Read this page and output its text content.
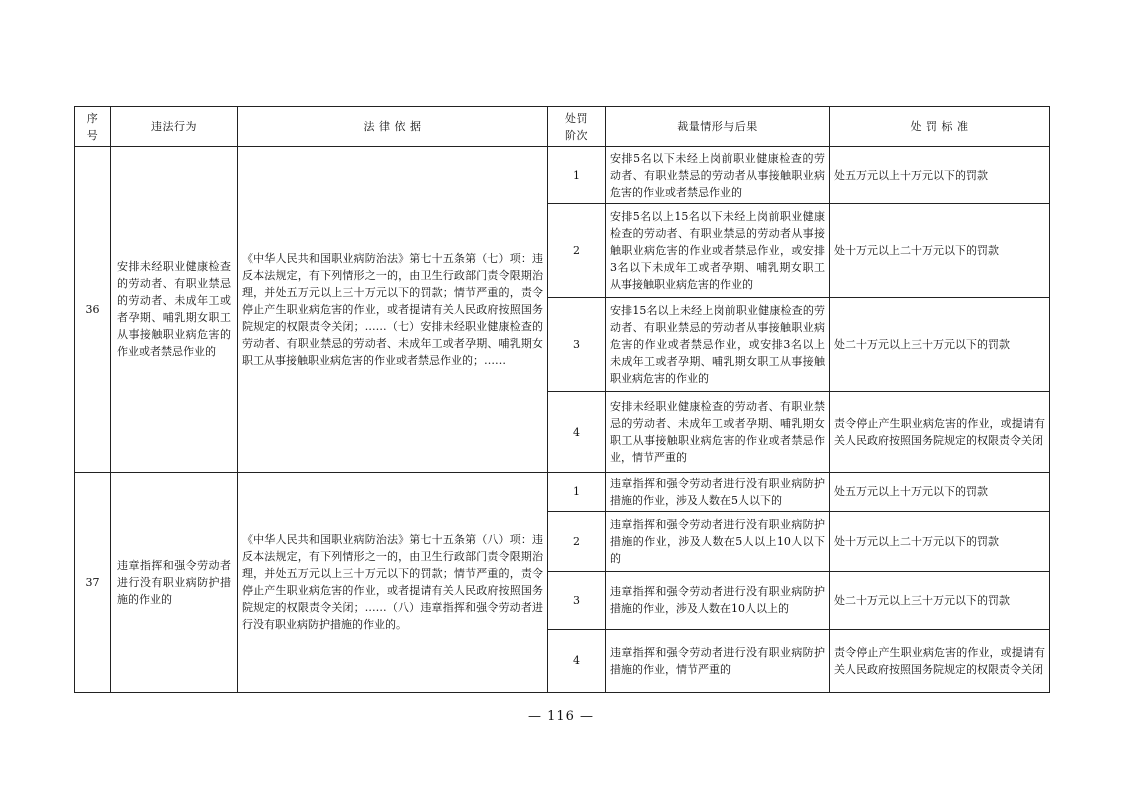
序号	违法行为	法 律 依 据	处罚阶次	裁量情形与后果	处 罚 标 准
36	安排未经职业健康检查的劳动者、有职业禁忌的劳动者、未成年工或者孕期、哺乳期女职工从事接触职业病危害的作业或者禁忌作业的	《中华人民共和国职业病防治法》第七十五条第（七）项：违反本法规定，有下列情形之一的，由卫生行政部门责令限期治理，并处五万元以上三十万元以下的罚款；情节严重的，责令停止产生职业病危害的作业，或者提请有关人民政府按照国务院规定的权限责令关闭；……（七）安排未经职业健康检查的劳动者、有职业禁忌的劳动者、未成年工或者孕期、哺乳期女职工从事接触职业病危害的作业或者禁忌作业的；……	1	安排5名以下未经上岗前职业健康检查的劳动者、有职业禁忌的劳动者从事接触职业病危害的作业或者禁忌作业的	处五万元以上十万元以下的罚款
			2	安排5名以上15名以下未经上岗前职业健康检查的劳动者、有职业禁忌的劳动者从事接触职业病危害的作业或者禁忌作业，或安排3名以下未成年工或者孕期、哺乳期女职工从事接触职业病危害的作业的	处十万元以上二十万元以下的罚款
			3	安排15名以上未经上岗前职业健康检查的劳动者、有职业禁忌的劳动者从事接触职业病危害的作业或者禁忌作业，或安排3名以上未成年工或者孕期、哺乳期女职工从事接触职业病危害的作业的	处二十万元以上三十万元以下的罚款
			4	安排未经职业健康检查的劳动者、有职业禁忌的劳动者、未成年工或者孕期、哺乳期女职工从事接触职业病危害的作业或者禁忌作业，情节严重的	责令停止产生职业病危害的作业，或提请有关人民政府按照国务院规定的权限责令关闭
37	违章指挥和强令劳动者进行没有职业病防护措施的作业的	《中华人民共和国职业病防治法》第七十五条第（八）项：违反本法规定，有下列情形之一的，由卫生行政部门责令限期治理，并处五万元以上三十万元以下的罚款；情节严重的，责令停止产生职业病危害的作业，或者提请有关人民政府按照国务院规定的权限责令关闭；……（八）违章指挥和强令劳动者进行没有职业病防护措施的作业的。	1	违章指挥和强令劳动者进行没有职业病防护措施的作业，涉及人数在5人以下的	处五万元以上十万元以下的罚款
			2	违章指挥和强令劳动者进行没有职业病防护措施的作业，涉及人数在5人以上10人以下的	处十万元以上二十万元以下的罚款
			3	违章指挥和强令劳动者进行没有职业病防护措施的作业，涉及人数在10人以上的	处二十万元以上三十万元以下的罚款
			4	违章指挥和强令劳动者进行没有职业病防护措施的作业，情节严重的	责令停止产生职业病危害的作业，或提请有关人民政府按照国务院规定的权限责令关闭
— 116 —
